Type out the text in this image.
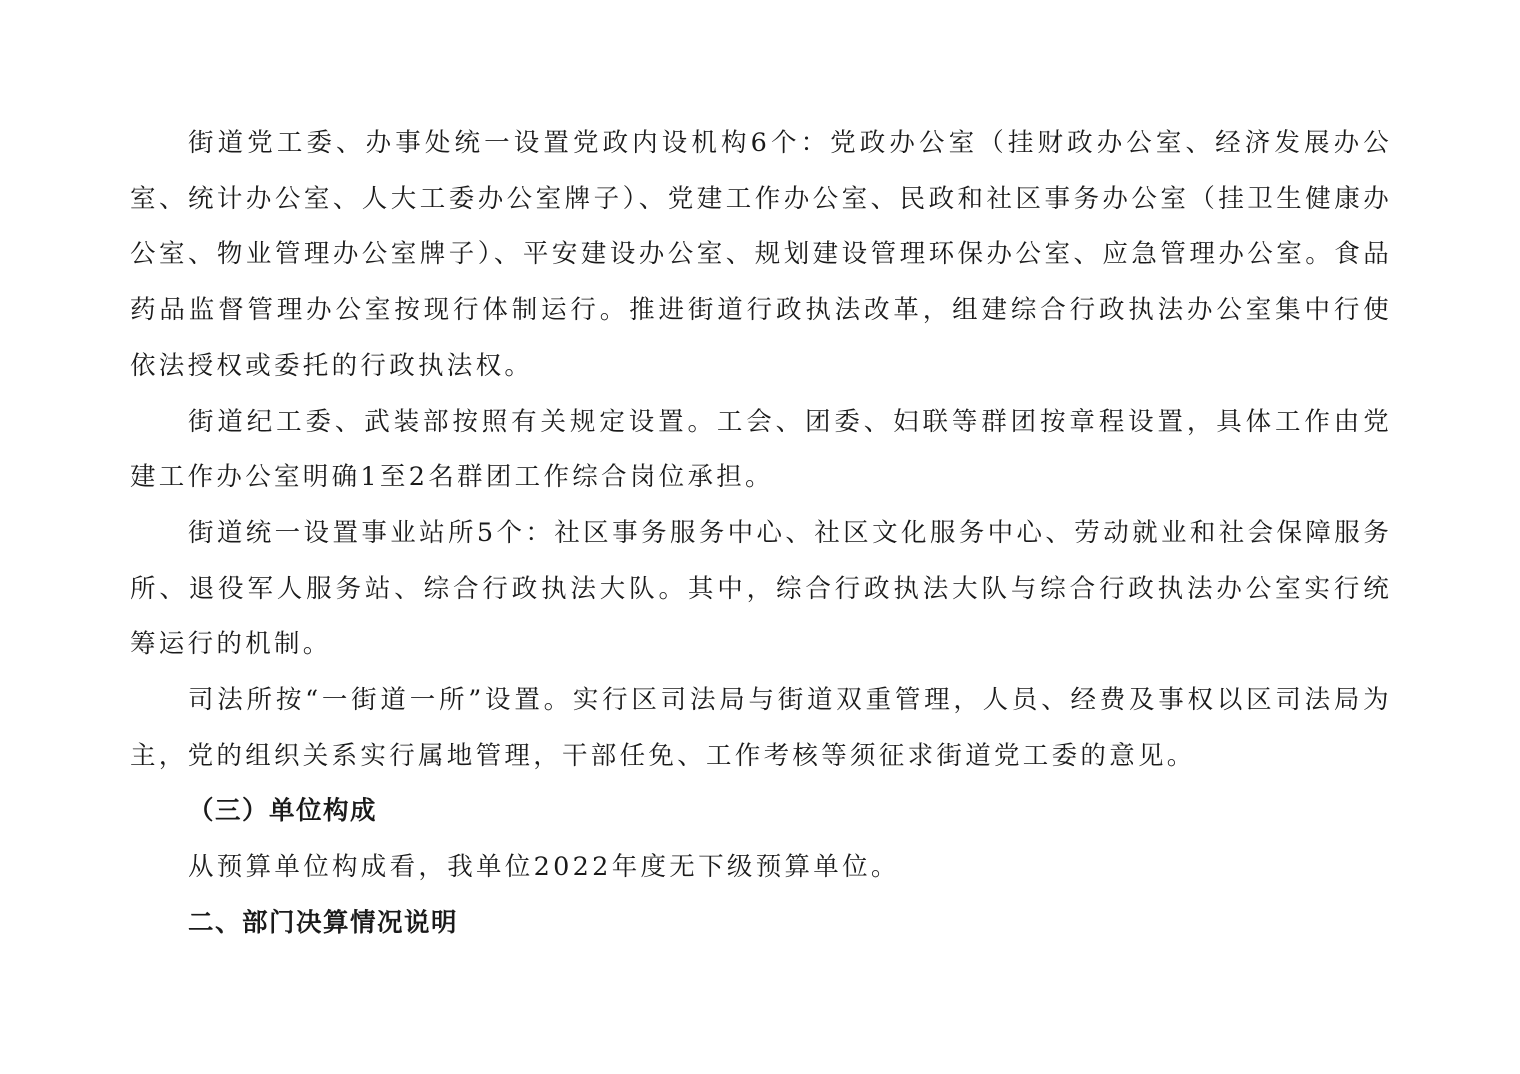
街道党工委、办事处统一设置党政内设机构6个：党政办公室（挂财政办公室、经济发展办公室、统计办公室、人大工委办公室牌子）、党建工作办公室、民政和社区事务办公室（挂卫生健康办公室、物业管理办公室牌子）、平安建设办公室、规划建设管理环保办公室、应急管理办公室。食品药品监督管理办公室按现行体制运行。推进街道行政执法改革，组建综合行政执法办公室集中行使依法授权或委托的行政执法权。

街道纪工委、武装部按照有关规定设置。工会、团委、妇联等群团按章程设置，具体工作由党建工作办公室明确1至2名群团工作综合岗位承担。

街道统一设置事业站所5个：社区事务服务中心、社区文化服务中心、劳动就业和社会保障服务所、退役军人服务站、综合行政执法大队。其中，综合行政执法大队与综合行政执法办公室实行统筹运行的机制。

司法所按“一街道一所”设置。实行区司法局与街道双重管理，人员、经费及事权以区司法局为主，党的组织关系实行属地管理，干部任免、工作考核等须征求街道党工委的意见。

（三）单位构成

从预算单位构成看，我单位2022年度无下级预算单位。

二、部门决算情况说明
